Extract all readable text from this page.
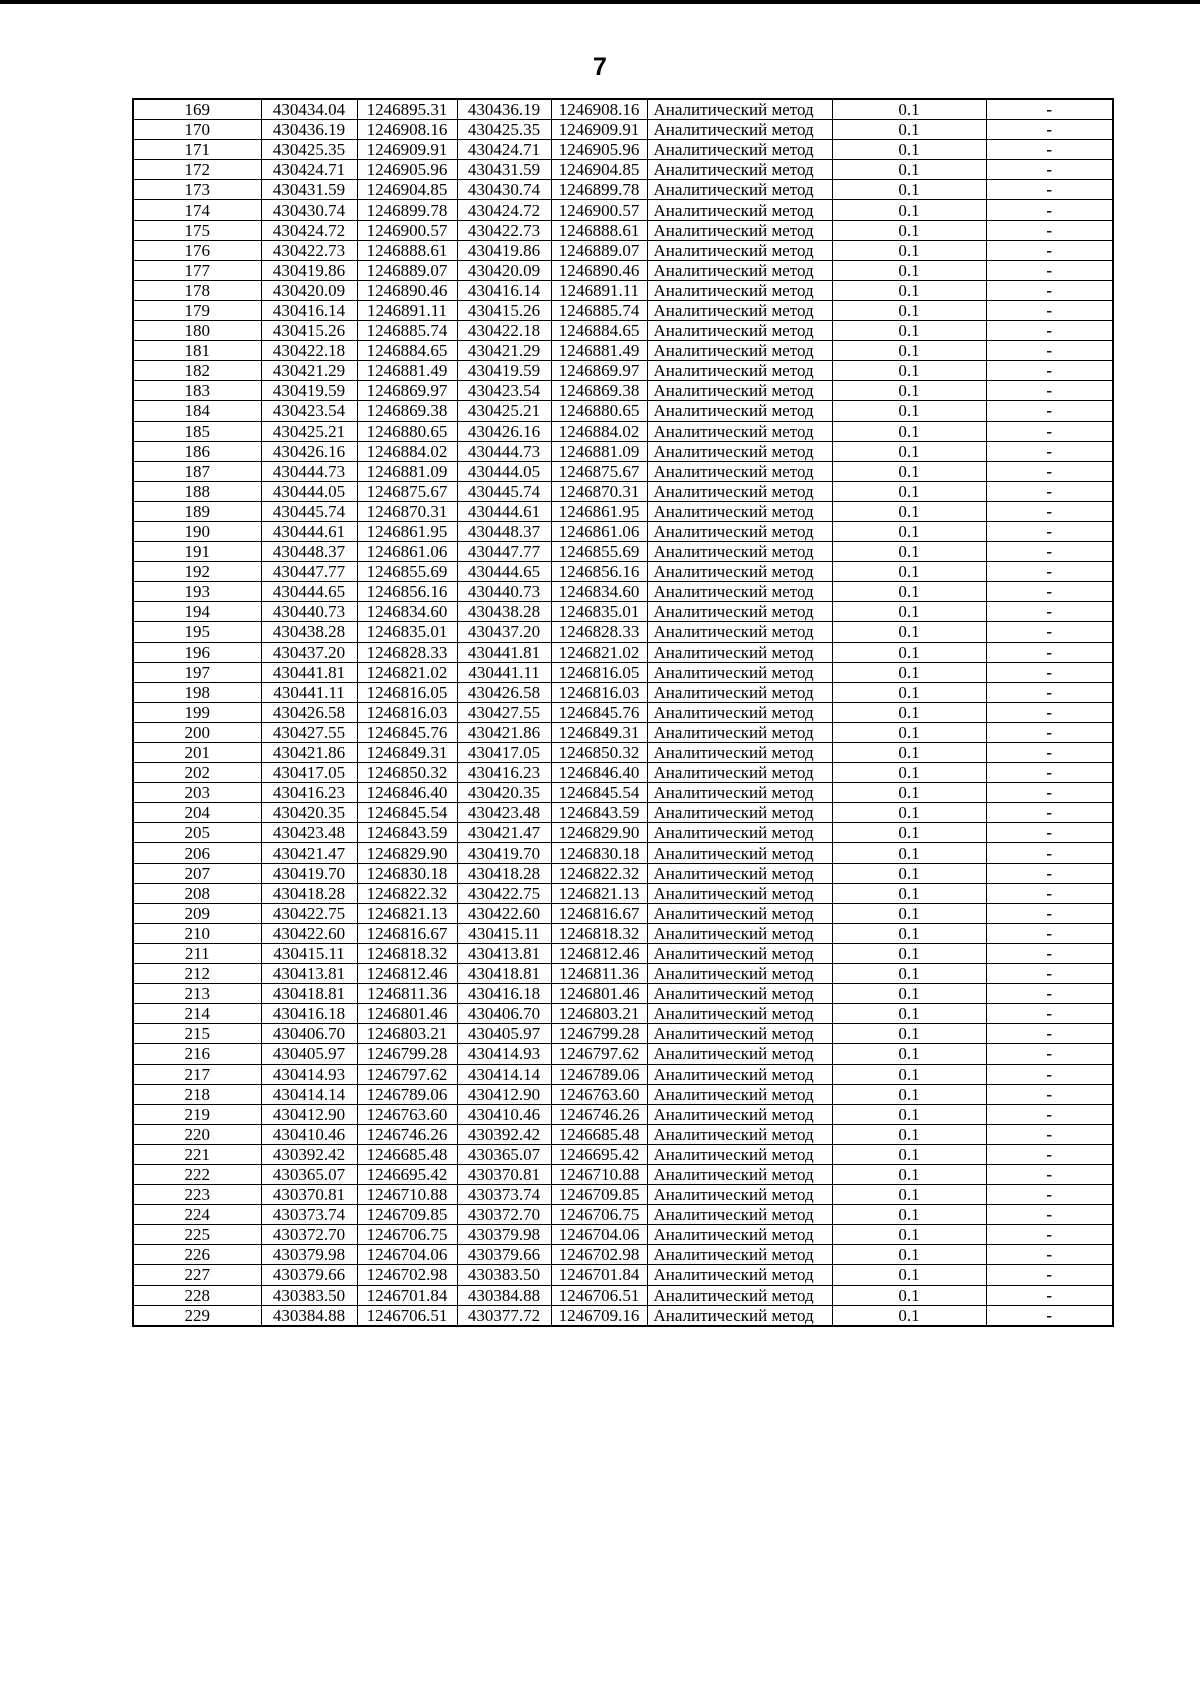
7
169	430434.04	1246895.31	430436.19	1246908.16	Аналитический метод	0.1	-
170	430436.19	1246908.16	430425.35	1246909.91	Аналитический метод	0.1	-
171	430425.35	1246909.91	430424.71	1246905.96	Аналитический метод	0.1	-
172	430424.71	1246905.96	430431.59	1246904.85	Аналитический метод	0.1	-
173	430431.59	1246904.85	430430.74	1246899.78	Аналитический метод	0.1	-
174	430430.74	1246899.78	430424.72	1246900.57	Аналитический метод	0.1	-
175	430424.72	1246900.57	430422.73	1246888.61	Аналитический метод	0.1	-
176	430422.73	1246888.61	430419.86	1246889.07	Аналитический метод	0.1	-
177	430419.86	1246889.07	430420.09	1246890.46	Аналитический метод	0.1	-
178	430420.09	1246890.46	430416.14	1246891.11	Аналитический метод	0.1	-
179	430416.14	1246891.11	430415.26	1246885.74	Аналитический метод	0.1	-
180	430415.26	1246885.74	430422.18	1246884.65	Аналитический метод	0.1	-
181	430422.18	1246884.65	430421.29	1246881.49	Аналитический метод	0.1	-
182	430421.29	1246881.49	430419.59	1246869.97	Аналитический метод	0.1	-
183	430419.59	1246869.97	430423.54	1246869.38	Аналитический метод	0.1	-
184	430423.54	1246869.38	430425.21	1246880.65	Аналитический метод	0.1	-
185	430425.21	1246880.65	430426.16	1246884.02	Аналитический метод	0.1	-
186	430426.16	1246884.02	430444.73	1246881.09	Аналитический метод	0.1	-
187	430444.73	1246881.09	430444.05	1246875.67	Аналитический метод	0.1	-
188	430444.05	1246875.67	430445.74	1246870.31	Аналитический метод	0.1	-
189	430445.74	1246870.31	430444.61	1246861.95	Аналитический метод	0.1	-
190	430444.61	1246861.95	430448.37	1246861.06	Аналитический метод	0.1	-
191	430448.37	1246861.06	430447.77	1246855.69	Аналитический метод	0.1	-
192	430447.77	1246855.69	430444.65	1246856.16	Аналитический метод	0.1	-
193	430444.65	1246856.16	430440.73	1246834.60	Аналитический метод	0.1	-
194	430440.73	1246834.60	430438.28	1246835.01	Аналитический метод	0.1	-
195	430438.28	1246835.01	430437.20	1246828.33	Аналитический метод	0.1	-
196	430437.20	1246828.33	430441.81	1246821.02	Аналитический метод	0.1	-
197	430441.81	1246821.02	430441.11	1246816.05	Аналитический метод	0.1	-
198	430441.11	1246816.05	430426.58	1246816.03	Аналитический метод	0.1	-
199	430426.58	1246816.03	430427.55	1246845.76	Аналитический метод	0.1	-
200	430427.55	1246845.76	430421.86	1246849.31	Аналитический метод	0.1	-
201	430421.86	1246849.31	430417.05	1246850.32	Аналитический метод	0.1	-
202	430417.05	1246850.32	430416.23	1246846.40	Аналитический метод	0.1	-
203	430416.23	1246846.40	430420.35	1246845.54	Аналитический метод	0.1	-
204	430420.35	1246845.54	430423.48	1246843.59	Аналитический метод	0.1	-
205	430423.48	1246843.59	430421.47	1246829.90	Аналитический метод	0.1	-
206	430421.47	1246829.90	430419.70	1246830.18	Аналитический метод	0.1	-
207	430419.70	1246830.18	430418.28	1246822.32	Аналитический метод	0.1	-
208	430418.28	1246822.32	430422.75	1246821.13	Аналитический метод	0.1	-
209	430422.75	1246821.13	430422.60	1246816.67	Аналитический метод	0.1	-
210	430422.60	1246816.67	430415.11	1246818.32	Аналитический метод	0.1	-
211	430415.11	1246818.32	430413.81	1246812.46	Аналитический метод	0.1	-
212	430413.81	1246812.46	430418.81	1246811.36	Аналитический метод	0.1	-
213	430418.81	1246811.36	430416.18	1246801.46	Аналитический метод	0.1	-
214	430416.18	1246801.46	430406.70	1246803.21	Аналитический метод	0.1	-
215	430406.70	1246803.21	430405.97	1246799.28	Аналитический метод	0.1	-
216	430405.97	1246799.28	430414.93	1246797.62	Аналитический метод	0.1	-
217	430414.93	1246797.62	430414.14	1246789.06	Аналитический метод	0.1	-
218	430414.14	1246789.06	430412.90	1246763.60	Аналитический метод	0.1	-
219	430412.90	1246763.60	430410.46	1246746.26	Аналитический метод	0.1	-
220	430410.46	1246746.26	430392.42	1246685.48	Аналитический метод	0.1	-
221	430392.42	1246685.48	430365.07	1246695.42	Аналитический метод	0.1	-
222	430365.07	1246695.42	430370.81	1246710.88	Аналитический метод	0.1	-
223	430370.81	1246710.88	430373.74	1246709.85	Аналитический метод	0.1	-
224	430373.74	1246709.85	430372.70	1246706.75	Аналитический метод	0.1	-
225	430372.70	1246706.75	430379.98	1246704.06	Аналитический метод	0.1	-
226	430379.98	1246704.06	430379.66	1246702.98	Аналитический метод	0.1	-
227	430379.66	1246702.98	430383.50	1246701.84	Аналитический метод	0.1	-
228	430383.50	1246701.84	430384.88	1246706.51	Аналитический метод	0.1	-
229	430384.88	1246706.51	430377.72	1246709.16	Аналитический метод	0.1	-
